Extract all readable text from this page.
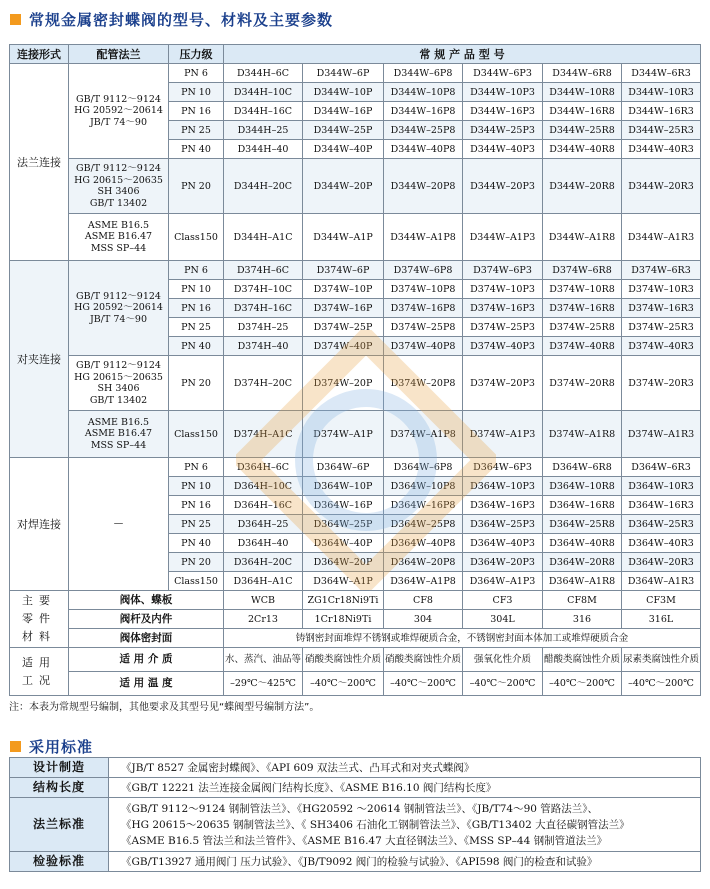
常规金属密封蝶阀的型号、材料及主要参数
连接形式	配管法兰	压力级	常 规 产 品 型 号					
法兰连接	GB/T 9112～9124
HG 20592～20614
JB/T 74～90	PN 6	D344H–6C	D344W–6P	D344W–6P8	D344W–6P3	D344W–6R8	D344W–6R3
		PN 10	D344H–10C	D344W–10P	D344W–10P8	D344W–10P3	D344W–10R8	D344W–10R3
		PN 16	D344H–16C	D344W–16P	D344W–16P8	D344W–16P3	D344W–16R8	D344W–16R3
		PN 25	D344H–25	D344W–25P	D344W–25P8	D344W–25P3	D344W–25R8	D344W–25R3
		PN 40	D344H–40	D344W–40P	D344W–40P8	D344W–40P3	D344W–40R8	D344W–40R3

	GB/T 9112～9124
HG 20615～20635
SH 3406
GB/T 13402	PN 20	D344H–20C	D344W–20P	D344W–20P8	D344W–20P3	D344W–20R8	D344W–20R3

	ASME B16.5
ASME B16.47
MSS SP–44	Class150	D344H–A1C	D344W–A1P	D344W–A1P8	D344W–A1P3	D344W–A1R8	D344W–A1R3
对夹连接	GB/T 9112～9124
HG 20592～20614
JB/T 74～90	PN 6	D374H–6C	D374W–6P	D374W–6P8	D374W–6P3	D374W–6R8	D374W–6R3
		PN 10	D374H–10C	D374W–10P	D374W–10P8	D374W–10P3	D374W–10R8	D374W–10R3
		PN 16	D374H–16C	D374W–16P	D374W–16P8	D374W–16P3	D374W–16R8	D374W–16R3
		PN 25	D374H–25	D374W–25P	D374W–25P8	D374W–25P3	D374W–25R8	D374W–25R3
		PN 40	D374H–40	D374W–40P	D374W–40P8	D374W–40P3	D374W–40R8	D374W–40R3

	GB/T 9112～9124
HG 20615～20635
SH 3406
GB/T 13402	PN 20	D374H–20C	D374W–20P	D374W–20P8	D374W–20P3	D374W–20R8	D374W–20R3

	ASME B16.5
ASME B16.47
MSS SP–44	Class150	D374H–A1C	D374W–A1P	D374W–A1P8	D374W–A1P3	D374W–A1R8	D374W–A1R3
对焊连接	—	PN 6	D364H–6C	D364W–6P	D364W–6P8	D364W–6P3	D364W–6R8	D364W–6R3
		PN 10	D364H–10C	D364W–10P	D364W–10P8	D364W–10P3	D364W–10R8	D364W–10R3
		PN 16	D364H–16C	D364W–16P	D364W–16P8	D364W–16P3	D364W–16R8	D364W–16R3
		PN 25	D364H–25	D364W–25P	D364W–25P8	D364W–25P3	D364W–25R8	D364W–25R3
		PN 40	D364H–40	D364W–40P	D364W–40P8	D364W–40P3	D364W–40R8	D364W–40R3
		PN 20	D364H–20C	D364W–20P	D364W–20P8	D364W–20P3	D364W–20R8	D364W–20R3
		Class150	D364H–A1C	D364W–A1P	D364W–A1P8	D364W–A1P3	D364W–A1R8	D364W–A1R3
主要
零件
材料	阀体、蝶板		WCB	ZG1Cr18Ni9Ti	CF8	CF3	CF8M	CF3M
	阀杆及内件		2Cr13	1Cr18Ni9Ti	304	304L	316	316L
	阀体密封面		铸钢密封面堆焊不锈钢或堆焊硬质合金，不锈钢密封面本体加工或堆焊硬质合金					
适用
工况	适 用 介 质		水、蒸汽、油品等	硝酸类腐蚀性介质	硝酸类腐蚀性介质	强氧化性介质	醋酸类腐蚀性介质	尿素类腐蚀性介质
	适 用 温 度		–29℃～425℃	–40℃～200℃	–40℃～200℃	–40℃～200℃	–40℃～200℃	–40℃～200℃
注：本表为常规型号编制，其他要求及其型号见“蝶阀型号编制方法”。
采用标准
设计制造	《JB/T 8527 金属密封蝶阀》、《API 609 双法兰式、凸耳式和对夹式蝶阀》

结构长度	《GB/T 12221 法兰连接金属阀门结构长度》、《ASME B16.10 阀门结构长度》

法兰标准	《GB/T 9112～9124 钢制管法兰》、《HG20592 ～20614 钢制管法兰》、《JB/T74～90 管路法兰》、
《HG 20615～20635 钢制管法兰》、《 SH3406 石油化工钢制管法兰》、《GB/T13402 大直径碳钢管法兰》
《ASME B16.5 管法兰和法兰管件》、《ASME B16.47 大直径钢法兰》、《MSS SP–44 钢制管道法兰》

检验标准	《GB/T13927 通用阀门 压力试验》、《JB/T9092 阀门的检验与试验》、《API598 阀门的检查和试验》
